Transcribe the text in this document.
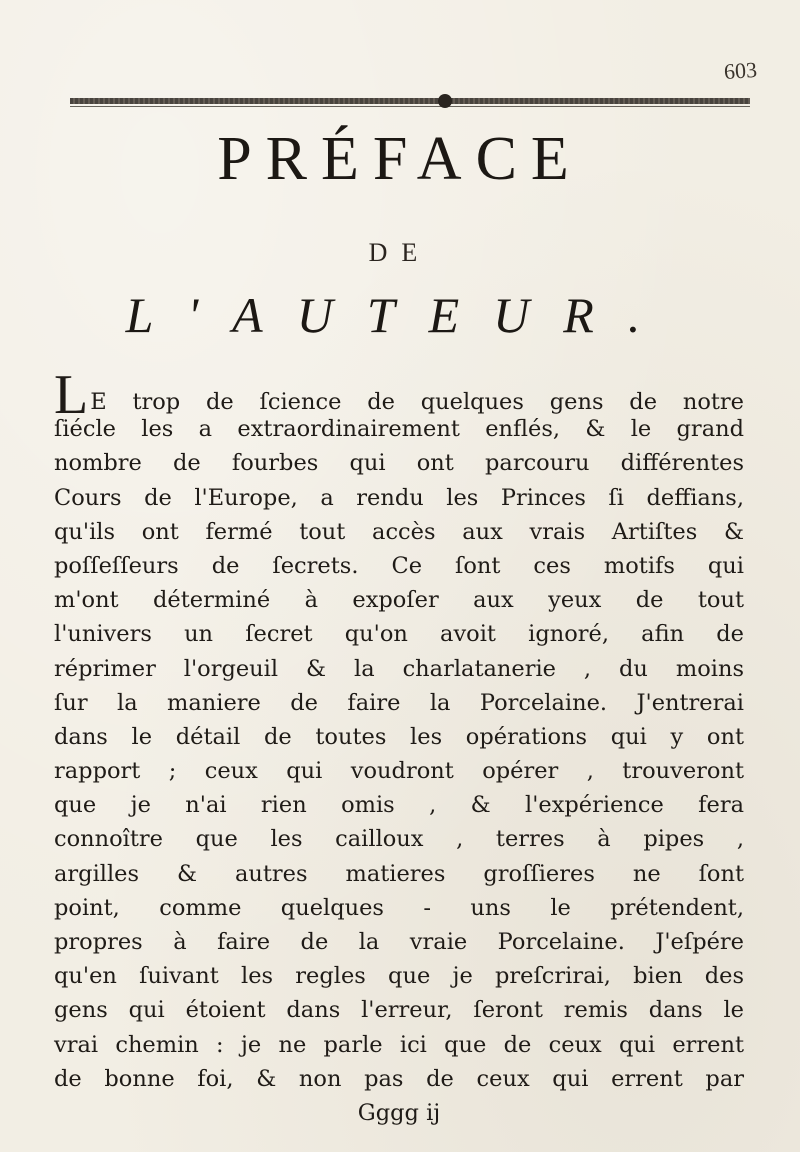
603
PRÉFACE
DE
L'AUTEUR.
LE trop de ſcience de quelques gens de notre
ſiécle les a extraordinairement enflés, & le grand
nombre de fourbes qui ont parcouru différentes
Cours de l'Europe, a rendu les Princes ſi deffians,
qu'ils ont fermé tout accès aux vrais Artiſtes &
poſſeſſeurs de ſecrets. Ce ſont ces motifs qui
m'ont déterminé à expoſer aux yeux de tout
l'univers un ſecret qu'on avoit ignoré, afin de
réprimer l'orgeuil & la charlatanerie , du moins
ſur la maniere de faire la Porcelaine. J'entrerai
dans le détail de toutes les opérations qui y ont
rapport ; ceux qui voudront opérer , trouveront
que je n'ai rien omis , & l'expérience fera
connoître que les cailloux , terres à pipes ,
argilles & autres matieres groſſieres ne ſont
point, comme quelques - uns le prétendent,
propres à faire de la vraie Porcelaine. J'eſpére
qu'en ſuivant les regles que je preſcrirai, bien des
gens qui étoient dans l'erreur, ſeront remis dans le
vrai chemin : je ne parle ici que de ceux qui errent
de bonne foi, & non pas de ceux qui errent par
Gggg ij
